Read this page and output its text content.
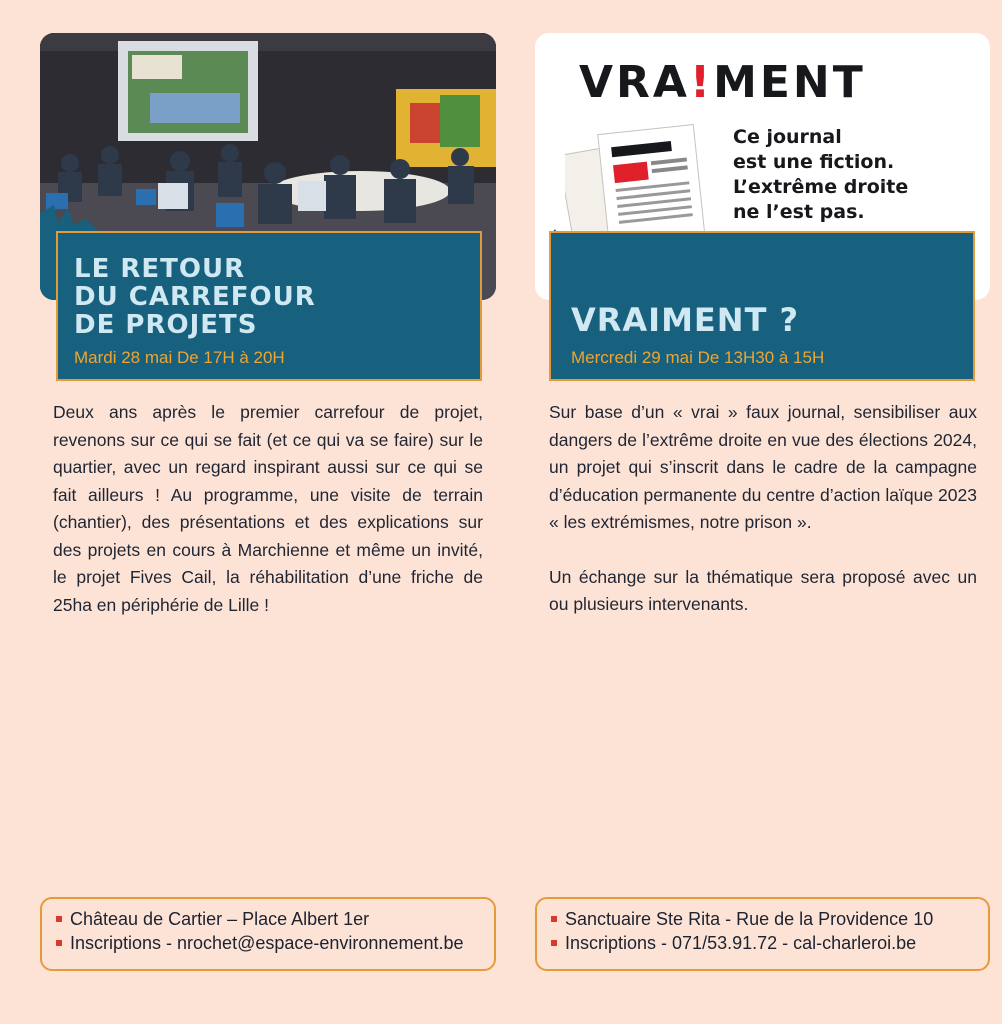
LE RETOUR
DU CARREFOUR
DE PROJETS
Mardi 28 mai De 17H à 20H

Deux ans après le premier carrefour de projet, revenons sur ce qui se fait (et ce qui va se faire) sur le quartier, avec un regard inspirant aussi sur ce qui se fait ailleurs ! Au programme, une visite de terrain (chantier), des présentations et des explications sur des projets en cours à Marchienne et même un invité, le projet Fives Cail, la réhabilitation d’une friche de 25ha en périphérie de Lille !

Château de Cartier – Place Albert 1er
Inscriptions - nrochet@espace-environnement.be
VRA!MENT
Ce journal
est une fiction.
L’extrême droite
ne l’est pas.
VRAIMENT ?
Mercredi 29 mai De 13H30 à 15H

Sur base d’un « vrai » faux journal, sensibiliser aux dangers de l’extrême droite en vue des élections 2024, un projet qui s’inscrit dans le cadre de la campagne d’éducation permanente du centre d’action laïque 2023 « les extrémismes, notre prison ».

Un échange sur la thématique sera proposé avec un ou plusieurs intervenants.

Sanctuaire Ste Rita - Rue de la Providence 10
Inscriptions - 071/53.91.72 - cal-charleroi.be
